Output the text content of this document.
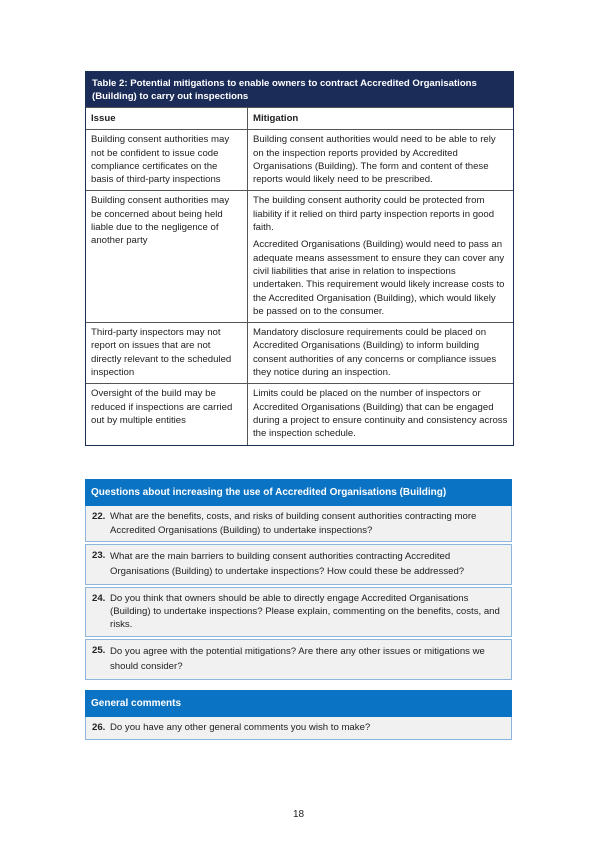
Table 2: Potential mitigations to enable owners to contract Accredited Organisations (Building) to carry out inspections
Issue	Mitigation
Building consent authorities may not be confident to issue code compliance certificates on the basis of third-party inspections

Building consent authorities would need to be able to rely on the inspection reports provided by Accredited Organisations (Building). The form and content of these reports would likely need to be prescribed.

Building consent authorities may be concerned about being held liable due to the negligence of another party

The building consent authority could be protected from liability if it relied on third party inspection reports in good faith.

Accredited Organisations (Building) would need to pass an adequate means assessment to ensure they can cover any civil liabilities that arise in relation to inspections undertaken. This requirement would likely increase costs to the Accredited Organisation (Building), which would likely be passed on to the consumer.

Third-party inspectors may not report on issues that are not directly relevant to the scheduled inspection

Mandatory disclosure requirements could be placed on Accredited Organisations (Building) to inform building consent authorities of any concerns or compliance issues they notice during an inspection.

Oversight of the build may be reduced if inspections are carried out by multiple entities

Limits could be placed on the number of inspectors or Accredited Organisations (Building) that can be engaged during a project to ensure continuity and consistency across the inspection schedule.

Questions about increasing the use of Accredited Organisations (Building)
22. What are the benefits, costs, and risks of building consent authorities contracting more Accredited Organisations (Building) to undertake inspections?
23. What are the main barriers to building consent authorities contracting Accredited Organisations (Building) to undertake inspections? How could these be addressed?
24. Do you think that owners should be able to directly engage Accredited Organisations (Building) to undertake inspections? Please explain, commenting on the benefits, costs, and risks.
25. Do you agree with the potential mitigations? Are there any other issues or mitigations we should consider?
General comments
26. Do you have any other general comments you wish to make?
18
